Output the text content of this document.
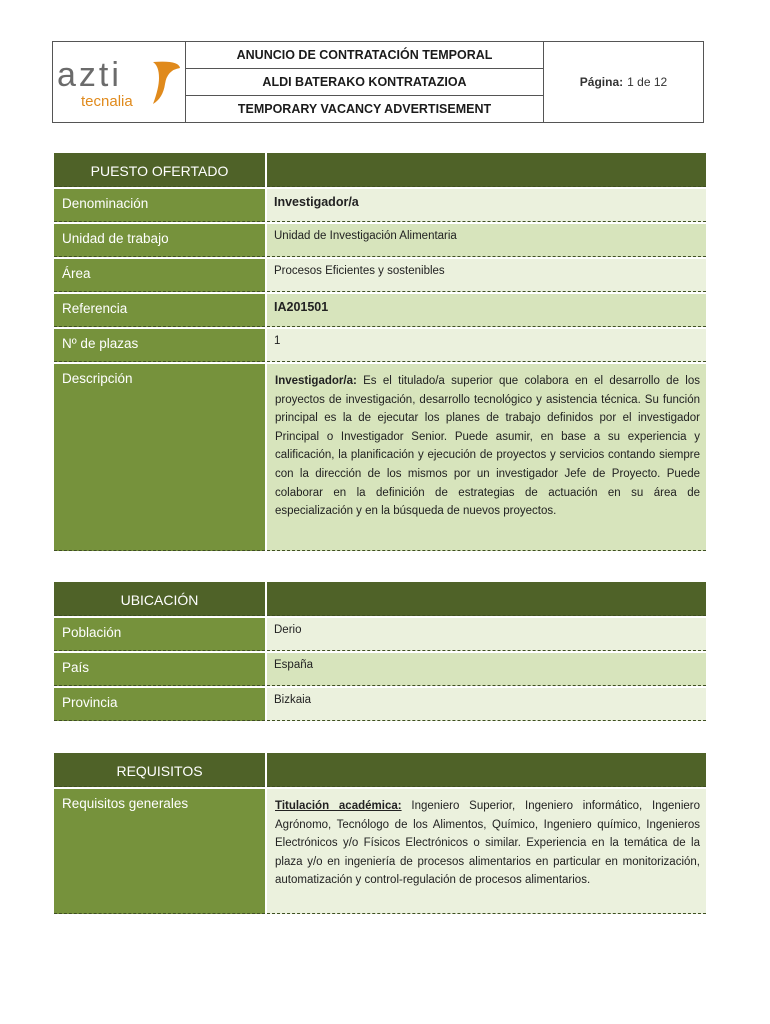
azti
tecnalia
ANUNCIO DE CONTRATACIÓN TEMPORAL
ALDI BATERAKO KONTRATAZIOA
TEMPORARY VACANCY ADVERTISEMENT
Página: 1 de 12
PUESTO OFERTADO
Denominación	Investigador/a
Unidad de trabajo	Unidad de Investigación Alimentaria
Área	Procesos Eficientes y sostenibles
Referencia	IA201501
Nº de plazas	1
Descripción	Investigador/a: Es el titulado/a superior que colabora en el desarrollo de los proyectos de investigación, desarrollo tecnológico y asistencia técnica. Su función principal es la de ejecutar los planes de trabajo definidos por el investigador Principal o Investigador Senior. Puede asumir, en base a su experiencia y calificación, la planificación y ejecución de proyectos y servicios contando siempre con la dirección de los mismos por un investigador Jefe de Proyecto. Puede colaborar en la definición de estrategias de actuación en su área de especialización y en la búsqueda de nuevos proyectos.
UBICACIÓN
Población	Derio
País	España
Provincia	Bizkaia
REQUISITOS
Requisitos generales	Titulación académica: Ingeniero Superior, Ingeniero informático, Ingeniero Agrónomo, Tecnólogo de los Alimentos, Químico, Ingeniero químico, Ingenieros Electrónicos y/o Físicos Electrónicos o similar. Experiencia en la temática de la plaza y/o en ingeniería de procesos alimentarios en particular en monitorización, automatización y control-regulación de procesos alimentarios.
